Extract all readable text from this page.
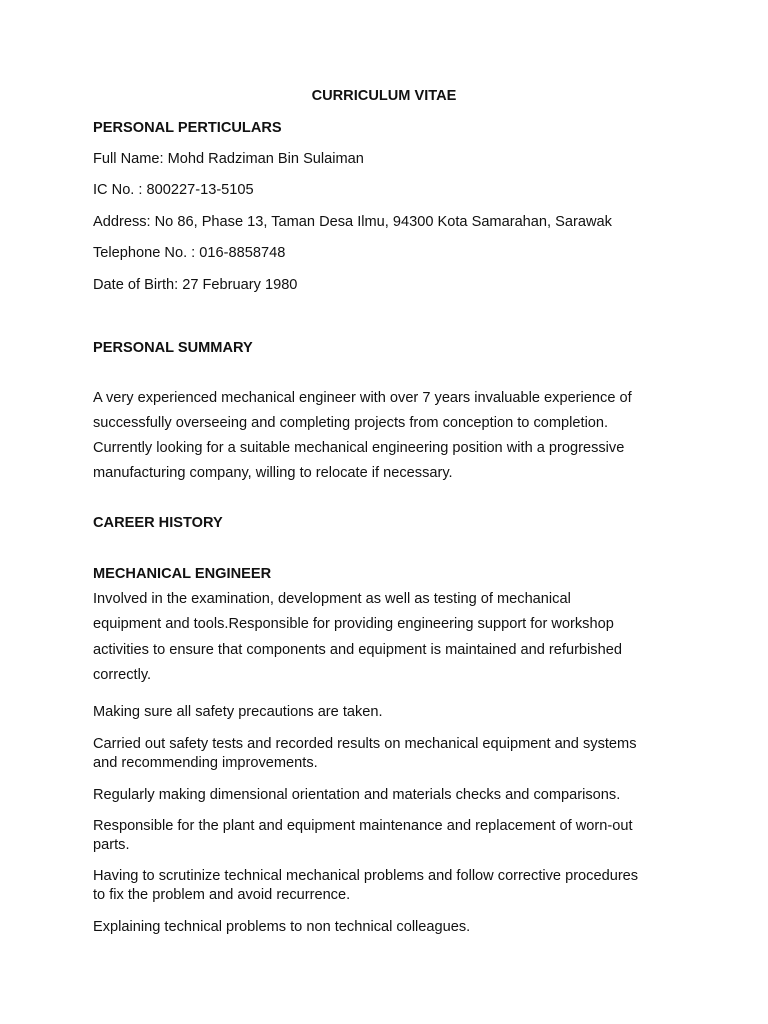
CURRICULUM VITAE
PERSONAL PERTICULARS
Full Name: Mohd Radziman Bin Sulaiman
IC No. : 800227-13-5105
Address: No 86, Phase 13, Taman Desa Ilmu, 94300 Kota Samarahan, Sarawak
Telephone No. : 016-8858748
Date of Birth: 27 February 1980
PERSONAL SUMMARY
A very experienced mechanical engineer with over 7 years invaluable experience of
successfully overseeing and completing projects from conception to completion.
Currently looking for a suitable mechanical engineering position with a progressive
manufacturing company, willing to relocate if necessary.
CAREER HISTORY
MECHANICAL ENGINEER
Involved in the examination, development as well as testing of mechanical
equipment and tools.Responsible for providing engineering support for workshop
activities to ensure that components and equipment is maintained and refurbished
correctly.
Making sure all safety precautions are taken.
Carried out safety tests and recorded results on mechanical equipment and systems
and recommending improvements.
Regularly making dimensional orientation and materials checks and comparisons.
Responsible for the plant and equipment maintenance and replacement of worn-out
parts.
Having to scrutinize technical mechanical problems and follow corrective procedures
to fix the problem and avoid recurrence.
Explaining technical problems to non technical colleagues.
